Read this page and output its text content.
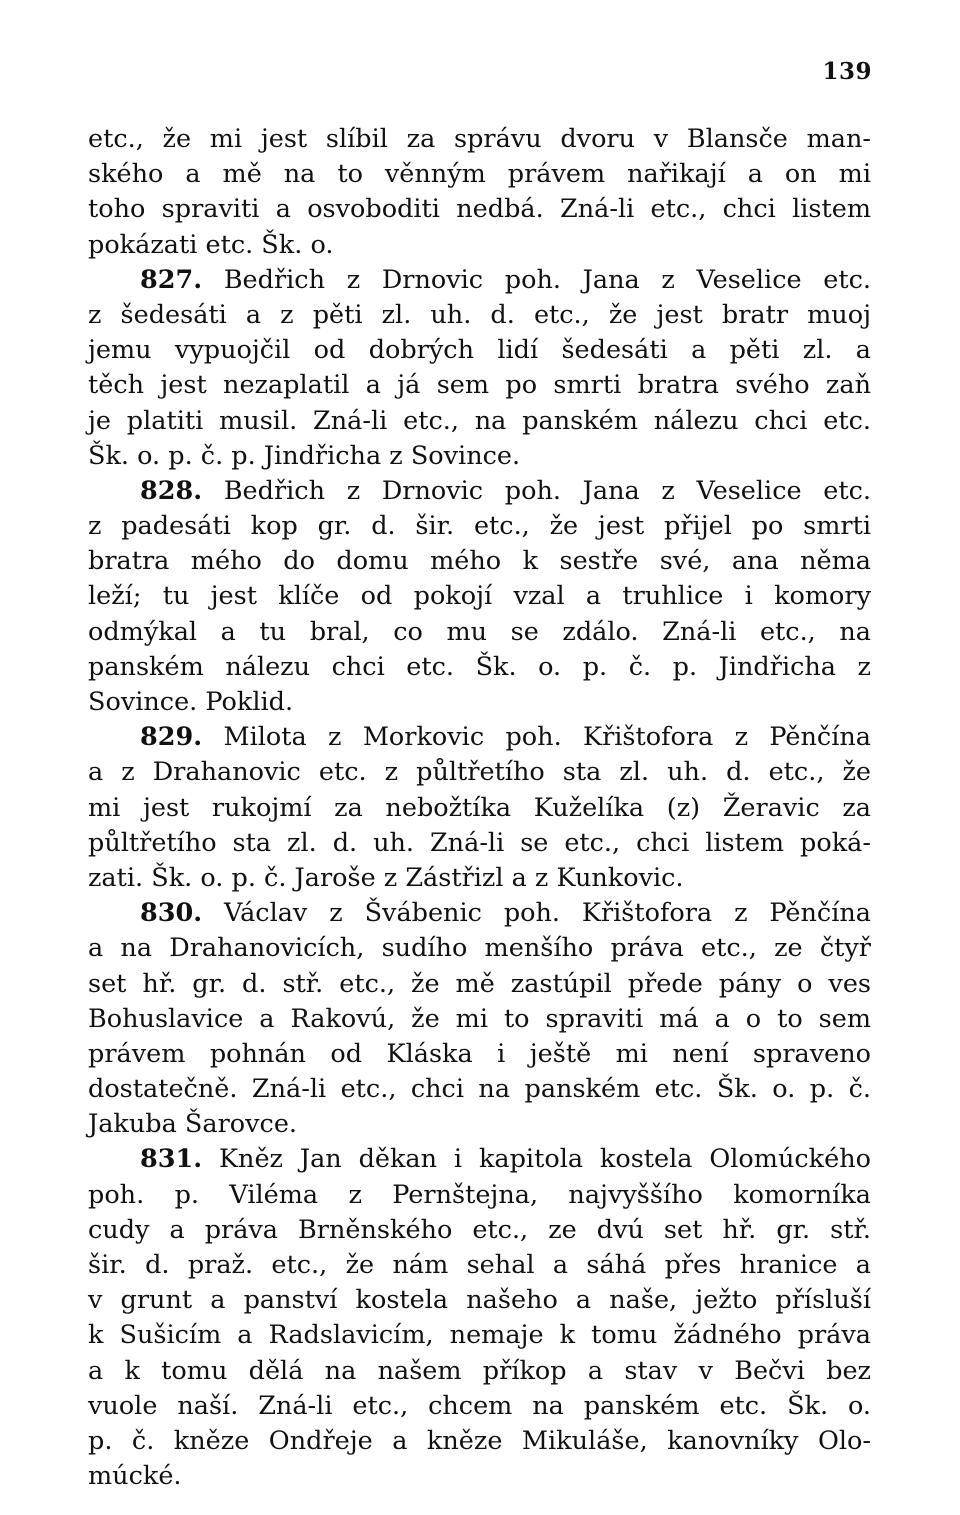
139
etc., že mi jest slíbil za správu dvoru v Blansče man-
ského a mě na to věnným právem nařikají a on mi
toho spraviti a osvoboditi nedbá. Zná-li etc., chci listem
pokázati etc. Šk. o.
827. Bedřich z Drnovic poh. Jana z Veselice etc.
z šedesáti a z pěti zl. uh. d. etc., že jest bratr muoj
jemu vypuojčil od dobrých lidí šedesáti a pěti zl. a
těch jest nezaplatil a já sem po smrti bratra svého zaň
je platiti musil. Zná-li etc., na panském nálezu chci etc.
Šk. o. p. č. p. Jindřicha z Sovince.
828. Bedřich z Drnovic poh. Jana z Veselice etc.
z padesáti kop gr. d. šir. etc., že jest přijel po smrti
bratra mého do domu mého k sestře své, ana něma
leží; tu jest klíče od pokojí vzal a truhlice i komory
odmýkal a tu bral, co mu se zdálo. Zná-li etc., na
panském nálezu chci etc. Šk. o. p. č. p. Jindřicha z
Sovince. Poklid.
829. Milota z Morkovic poh. Křištofora z Pěnčína
a z Drahanovic etc. z půltřetího sta zl. uh. d. etc., že
mi jest rukojmí za nebožtíka Kuželíka (z) Žeravic za
půltřetího sta zl. d. uh. Zná-li se etc., chci listem poká-
zati. Šk. o. p. č. Jaroše z Zástřizl a z Kunkovic.
830. Václav z Švábenic poh. Křištofora z Pěnčína
a na Drahanovicích, sudího menšího práva etc., ze čtyř
set hř. gr. d. stř. etc., že mě zastúpil přede pány o ves
Bohuslavice a Rakovú, že mi to spraviti má a o to sem
právem pohnán od Kláska i ještě mi není spraveno
dostatečně. Zná-li etc., chci na panském etc. Šk. o. p. č.
Jakuba Šarovce.
831. Kněz Jan děkan i kapitola kostela Olomúckého
poh. p. Viléma z Pernštejna, najvyššího komorníka
cudy a práva Brněnského etc., ze dvú set hř. gr. stř.
šir. d. praž. etc., že nám sehal a sáhá přes hranice a
v grunt a panství kostela našeho a naše, ježto přísluší
k Sušicím a Radslavicím, nemaje k tomu žádného práva
a k tomu dělá na našem příkop a stav v Bečvi bez
vuole naší. Zná-li etc., chcem na panském etc. Šk. o.
p. č. kněze Ondřeje a kněze Mikuláše, kanovníky Olo-
múcké.
